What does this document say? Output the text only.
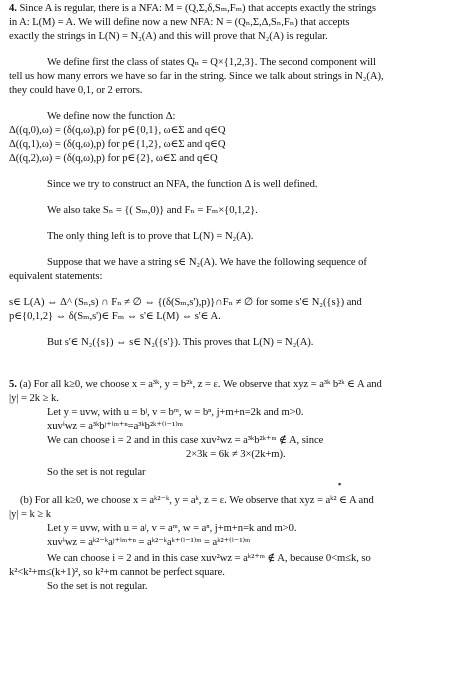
4. Since A is regular, there is a NFA: M = (Q,Σ,δ,Sₘ,Fₘ) that accepts exactly the strings
in A: L(M) = A. We will define now a new NFA: N = (Qₙ,Σ,Δ,Sₙ,Fₙ) that accepts
exactly the strings in L(N) = N₂(A) and this will prove that N₂(A) is regular.
We define first the class of states Qₙ = Q×{1,2,3}. The second component will
tell us how many errors we have so far in the string. Since we talk about strings in N₂(A),
they could have 0,1, or 2 errors.
We define now the function Δ:
Δ((q,0),ω) = (δ(q,ω),p) for p∈{0,1}, ω∈Σ and q∈Q
Δ((q,1),ω) = (δ(q,ω),p) for p∈{1,2}, ω∈Σ and q∈Q
Δ((q,2),ω) = (δ(q,ω),p) for p∈{2}, ω∈Σ and q∈Q
Since we try to construct an NFA, the function Δ is well defined.
We also take Sₙ = {( Sₘ,0)} and Fₙ = Fₘ×{0,1,2}.
The only thing left is to prove that L(N) = N₂(A).
Suppose that we have a string s∈ N₂(A). We have the following sequence of
equivalent statements:
s∈ L(A) ⇔ Δ^ (Sₙ,s) ∩ Fₙ ≠ ∅ ⇔ {(δ(Sₘ,s'),p)}∩Fₙ ≠ ∅ for some s'∈ N₂({s}) and
p∈{0,1,2} ⇔ δ(Sₘ,s')∈ Fₘ ⇔ s'∈ L(M) ⇔ s'∈ A.
But s'∈ N₂({s}) ⇔ s∈ N₂({s'}). This proves that L(N) = N₂(A).
5. (a) For all k≥0, we choose x = a³ᵏ, y = b²ᵏ, z = ε. We observe that xyz = a³ᵏ b²ᵏ ∈ A and
|y| = 2k ≥ k.
Let y = uvw, with u = bʲ, v = bᵐ, w = bⁿ, j+m+n=2k and m>0.
xuvⁱwz = a³ᵏbʲ⁺ⁱᵐ⁺ⁿ=a³ᵏb²ᵏ⁺⁽ⁱ⁻¹⁾ᵐ
We can choose i = 2 and in this case xuv²wz = a³ᵏb²ᵏ⁺ᵐ ∉ A, since
2×3k = 6k ≠ 3×(2k+m).
So the set is not regular
▪
(b) For all k≥0, we choose x = aᵏ²⁻ᵏ, y = aᵏ, z = ε. We observe that xyz = aᵏ² ∈ A and
|y| = k ≥ k
Let y = uvw, with u = aʲ, v = aᵐ, w = aⁿ, j+m+n=k and m>0.
xuvⁱwz = aᵏ²⁻ᵏaʲ⁺ⁱᵐ⁺ⁿ = aᵏ²⁻ᵏaᵏ⁺⁽ⁱ⁻¹⁾ᵐ = aᵏ²⁺⁽ⁱ⁻¹⁾ᵐ
We can choose i = 2 and in this case xuv²wz = aᵏ²⁺ᵐ ∉ A, because 0<m≤k, so
k²<k²+m≤(k+1)², so k²+m cannot be perfect square.
So the set is not regular.
